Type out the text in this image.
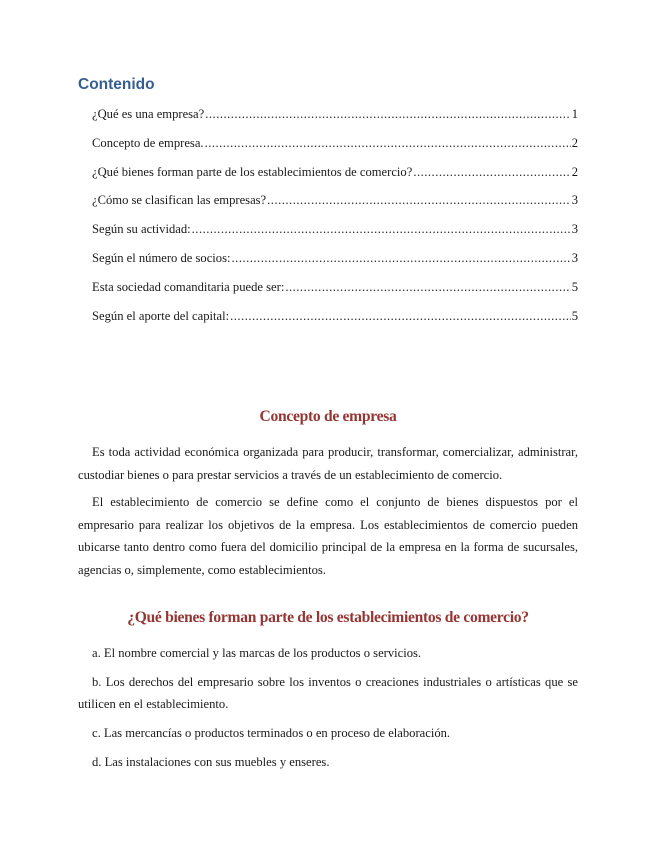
Contenido
¿Qué es una empresa? .....	1
Concepto de empresa. .....	2
¿Qué bienes forman parte de los establecimientos de comercio? .....	2
¿Cómo se clasifican las empresas? .....	3
Según su actividad: .....	3
Según el número de socios: .....	3
Esta sociedad comanditaria puede ser: .....	5
Según el aporte del capital: .....	5
Concepto de empresa

Es toda actividad económica organizada para producir, transformar, comercializar, administrar, custodiar bienes o para prestar servicios a través de un establecimiento de comercio.

El establecimiento de comercio se define como el conjunto de bienes dispuestos por el empresario para realizar los objetivos de la empresa. Los establecimientos de comercio pueden ubicarse tanto dentro como fuera del domicilio principal de la empresa en la forma de sucursales, agencias o, simplemente, como establecimientos.

¿Qué bienes forman parte de los establecimientos de comercio?
a. El nombre comercial y las marcas de los productos o servicios.
b. Los derechos del empresario sobre los inventos o creaciones industriales o artísticas que se utilicen en el establecimiento.
c. Las mercancías o productos terminados o en proceso de elaboración.
d. Las instalaciones con sus muebles y enseres.
